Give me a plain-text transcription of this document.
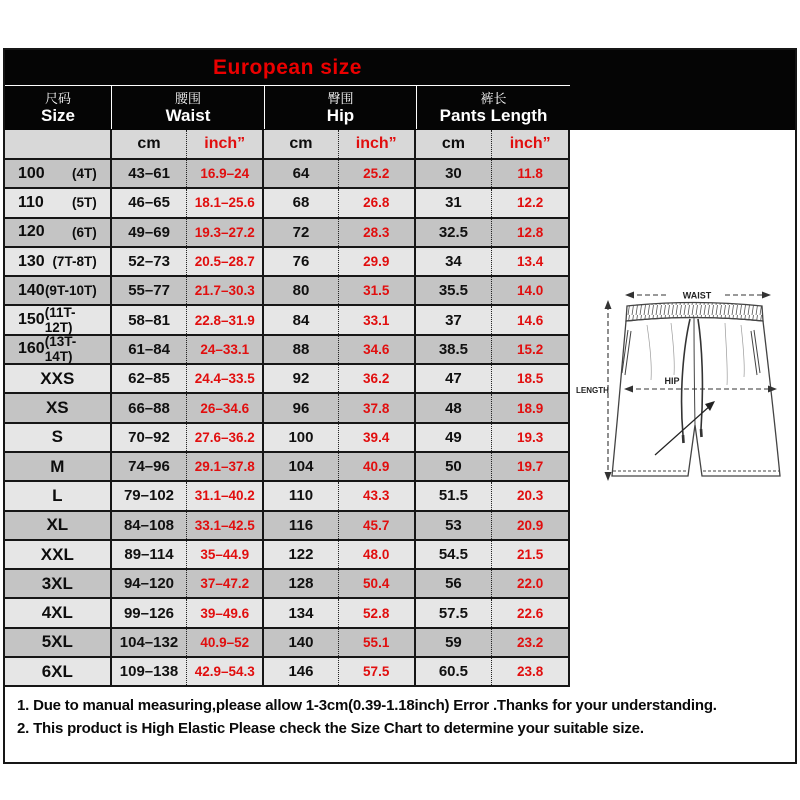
European size
尺码
Size
腰围
Waist
臀围
Hip
裤长
Pants Length
cm	inch”	cm	inch”	cm	inch”
100 (4T)	43–61	16.9–24	64	25.2	30	11.8
110 (5T)	46–65	18.1–25.6	68	26.8	31	12.2
120 (6T)	49–69	19.3–27.2	72	28.3	32.5	12.8
130 (7T-8T)	52–73	20.5–28.7	76	29.9	34	13.4
140 (9T-10T)	55–77	21.7–30.3	80	31.5	35.5	14.0
150 (11T-12T)	58–81	22.8–31.9	84	33.1	37	14.6
160 (13T-14T)	61–84	24–33.1	88	34.6	38.5	15.2
XXS	62–85	24.4–33.5	92	36.2	47	18.5
XS	66–88	26–34.6	96	37.8	48	18.9
S	70–92	27.6–36.2	100	39.4	49	19.3
M	74–96	29.1–37.8	104	40.9	50	19.7
L	79–102	31.1–40.2	110	43.3	51.5	20.3
XL	84–108	33.1–42.5	116	45.7	53	20.9
XXL	89–114	35–44.9	122	48.0	54.5	21.5
3XL	94–120	37–47.2	128	50.4	56	22.0
4XL	99–126	39–49.6	134	52.8	57.5	22.6
5XL	104–132	40.9–52	140	55.1	59	23.2
6XL	109–138	42.9–54.3	146	57.5	60.5	23.8
WAIST
LENGTH
HIP
1. Due to manual measuring,please allow 1-3cm(0.39-1.18inch) Error .Thanks for your understanding.
2. This product is High Elastic Please check the Size Chart to determine your suitable size.
